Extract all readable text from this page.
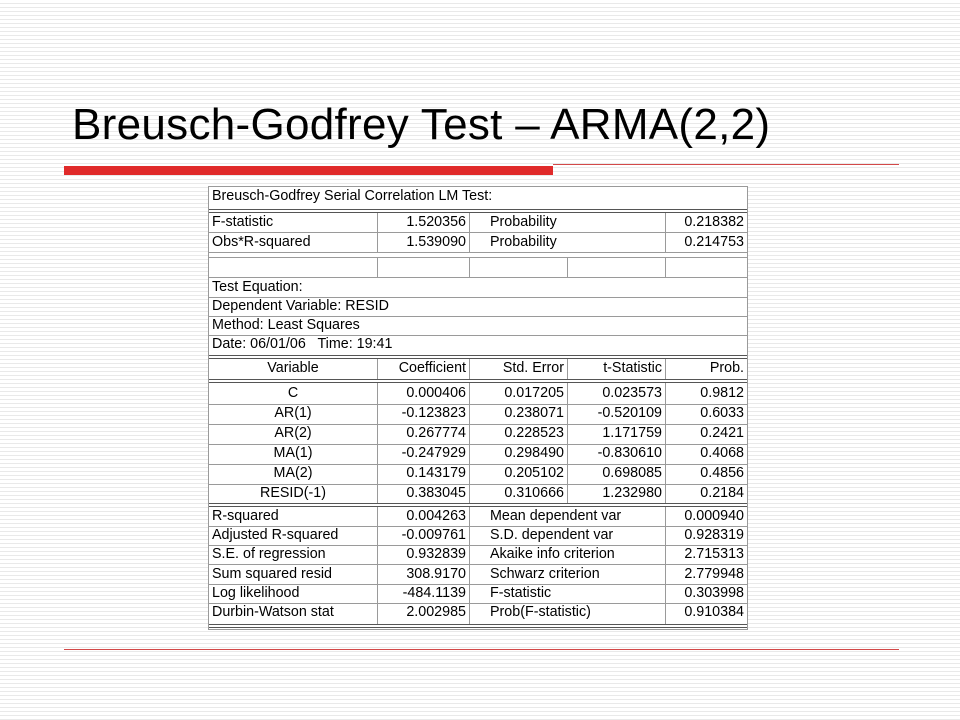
Breusch-Godfrey Test – ARMA(2,2)
Breusch-Godfrey Serial Correlation LM Test:
F-statistic	1.520356 Probability	0.218382
Obs*R-squared	1.539090 Probability	0.214753
Test Equation:
Dependent Variable: RESID
Method: Least Squares
Date: 06/01/06   Time: 19:41
Variable	Coefficient	Std. Error	t-Statistic	Prob.
C	0.000406	0.017205	0.023573	0.9812
AR(1)	-0.123823	0.238071	-0.520109	0.6033
AR(2)	0.267774	0.228523	1.171759	0.2421
MA(1)	-0.247929	0.298490	-0.830610	0.4068
MA(2)	0.143179	0.205102	0.698085	0.4856
RESID(-1)	0.383045	0.310666	1.232980	0.2184
R-squared	0.004263 Mean dependent var	0.000940
Adjusted R-squared	-0.009761 S.D. dependent var	0.928319
S.E. of regression	0.932839 Akaike info criterion	2.715313
Sum squared resid	308.9170 Schwarz criterion	2.779948
Log likelihood	-484.1139 F-statistic	0.303998
Durbin-Watson stat	2.002985 Prob(F-statistic)	0.910384
